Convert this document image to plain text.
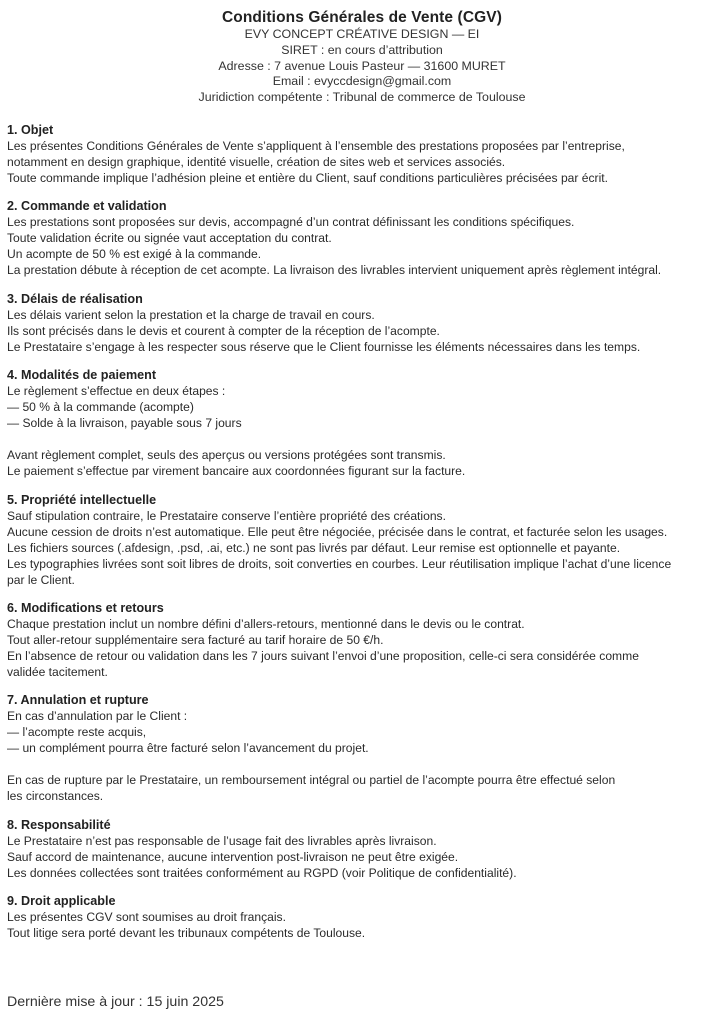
Conditions Générales de Vente (CGV)
EVY CONCEPT CRÉATIVE DESIGN — EI
SIRET : en cours d’attribution
Adresse : 7 avenue Louis Pasteur — 31600 MURET
Email : evyccdesign@gmail.com
Juridiction compétente : Tribunal de commerce de Toulouse
1. Objet
Les présentes Conditions Générales de Vente s’appliquent à l’ensemble des prestations proposées par l’entreprise,
notamment en design graphique, identité visuelle, création de sites web et services associés.
Toute commande implique l’adhésion pleine et entière du Client, sauf conditions particulières précisées par écrit.
2. Commande et validation
Les prestations sont proposées sur devis, accompagné d’un contrat définissant les conditions spécifiques.
Toute validation écrite ou signée vaut acceptation du contrat.
Un acompte de 50 % est exigé à la commande.
La prestation débute à réception de cet acompte. La livraison des livrables intervient uniquement après règlement intégral.
3. Délais de réalisation
Les délais varient selon la prestation et la charge de travail en cours.
Ils sont précisés dans le devis et courent à compter de la réception de l’acompte.
Le Prestataire s’engage à les respecter sous réserve que le Client fournisse les éléments nécessaires dans les temps.
4. Modalités de paiement
Le règlement s’effectue en deux étapes :
— 50 % à la commande (acompte)
— Solde à la livraison, payable sous 7 jours
Avant règlement complet, seuls des aperçus ou versions protégées sont transmis.
Le paiement s’effectue par virement bancaire aux coordonnées figurant sur la facture.
5. Propriété intellectuelle
Sauf stipulation contraire, le Prestataire conserve l’entière propriété des créations.
Aucune cession de droits n’est automatique. Elle peut être négociée, précisée dans le contrat, et facturée selon les usages.
Les fichiers sources (.afdesign, .psd, .ai, etc.) ne sont pas livrés par défaut. Leur remise est optionnelle et payante.
Les typographies livrées sont soit libres de droits, soit converties en courbes. Leur réutilisation implique l’achat d’une licence
par le Client.
6. Modifications et retours
Chaque prestation inclut un nombre défini d’allers-retours, mentionné dans le devis ou le contrat.
Tout aller-retour supplémentaire sera facturé au tarif horaire de 50 €/h.
En l’absence de retour ou validation dans les 7 jours suivant l’envoi d’une proposition, celle-ci sera considérée comme
validée tacitement.
7. Annulation et rupture
En cas d’annulation par le Client :
— l’acompte reste acquis,
— un complément pourra être facturé selon l’avancement du projet.
En cas de rupture par le Prestataire, un remboursement intégral ou partiel de l’acompte pourra être effectué selon
les circonstances.
8. Responsabilité
Le Prestataire n’est pas responsable de l’usage fait des livrables après livraison.
Sauf accord de maintenance, aucune intervention post-livraison ne peut être exigée.
Les données collectées sont traitées conformément au RGPD (voir Politique de confidentialité).
9. Droit applicable
Les présentes CGV sont soumises au droit français.
Tout litige sera porté devant les tribunaux compétents de Toulouse.
Dernière mise à jour : 15 juin 2025
